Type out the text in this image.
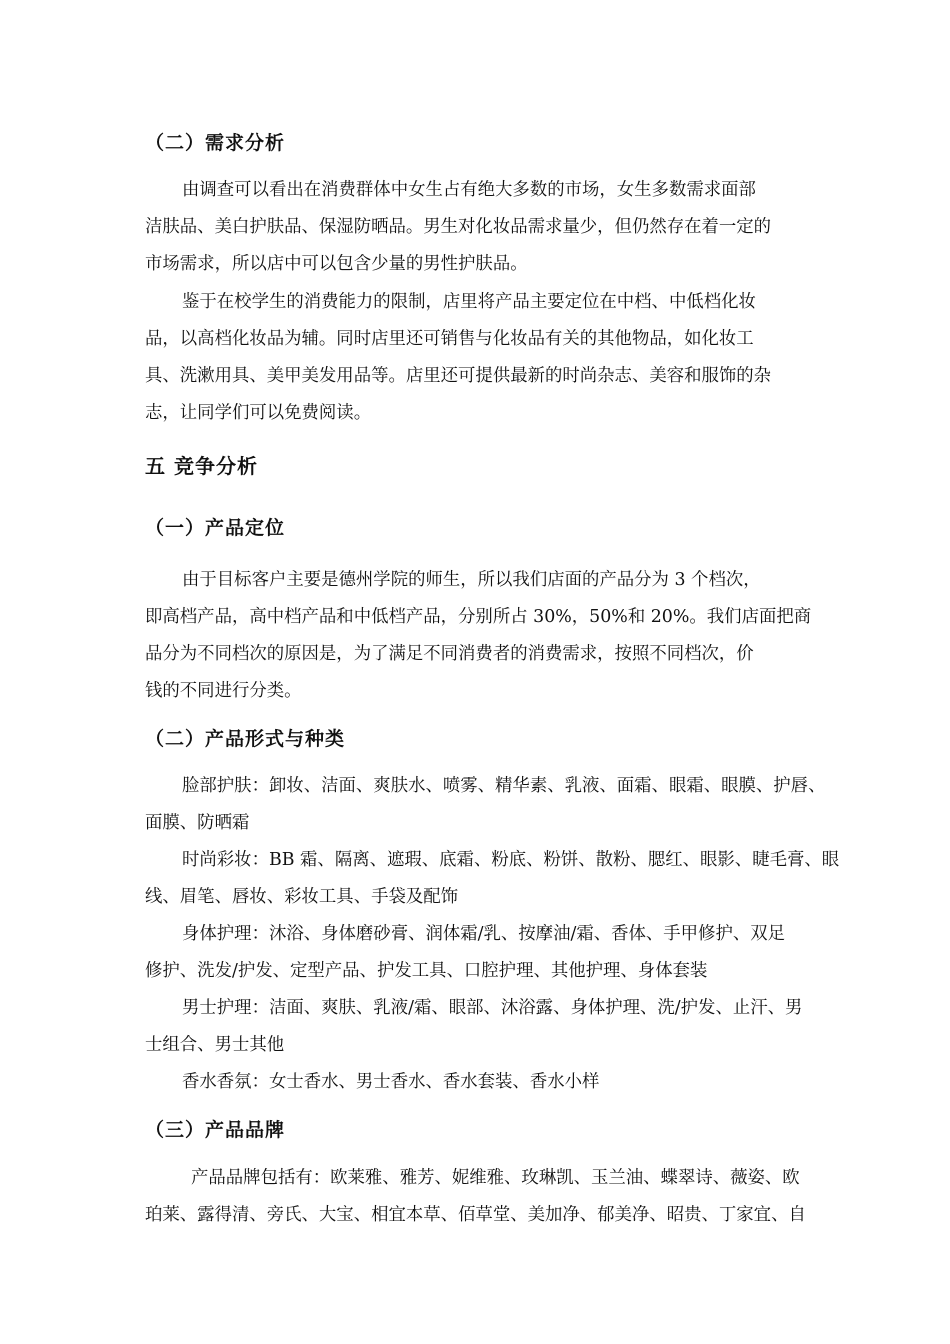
（二）需求分析
由调查可以看出在消费群体中女生占有绝大多数的市场，女生多数需求面部
洁肤品、美白护肤品、保湿防晒品。男生对化妆品需求量少，但仍然存在着一定的
市场需求，所以店中可以包含少量的男性护肤品。
鉴于在校学生的消费能力的限制，店里将产品主要定位在中档、中低档化妆
品，以高档化妆品为辅。同时店里还可销售与化妆品有关的其他物品，如化妆工
具、洗漱用具、美甲美发用品等。店里还可提供最新的时尚杂志、美容和服饰的杂
志，让同学们可以免费阅读。
五 竞争分析
（一）产品定位
由于目标客户主要是德州学院的师生，所以我们店面的产品分为 3 个档次，
即高档产品，高中档产品和中低档产品，分别所占 30%，50%和 20%。我们店面把商
品分为不同档次的原因是，为了满足不同消费者的消费需求，按照不同档次，价
钱的不同进行分类。
（二）产品形式与种类
脸部护肤：卸妆、洁面、爽肤水、喷雾、精华素、乳液、面霜、眼霜、眼膜、护唇、
面膜、防晒霜
时尚彩妆：BB 霜、隔离、遮瑕、底霜、粉底、粉饼、散粉、腮红、眼影、睫毛膏、眼
线、眉笔、唇妆、彩妆工具、手袋及配饰
身体护理：沐浴、身体磨砂膏、润体霜/乳、按摩油/霜、香体、手甲修护、双足
修护、洗发/护发、定型产品、护发工具、口腔护理、其他护理、身体套装
男士护理：洁面、爽肤、乳液/霜、眼部、沐浴露、身体护理、洗/护发、止汗、男
士组合、男士其他
香水香氛：女士香水、男士香水、香水套装、香水小样
（三）产品品牌
产品品牌包括有：欧莱雅、雅芳、妮维雅、玫琳凯、玉兰油、蝶翠诗、薇姿、欧
珀莱、露得清、旁氏、大宝、相宜本草、佰草堂、美加净、郁美净、昭贵、丁家宜、自
